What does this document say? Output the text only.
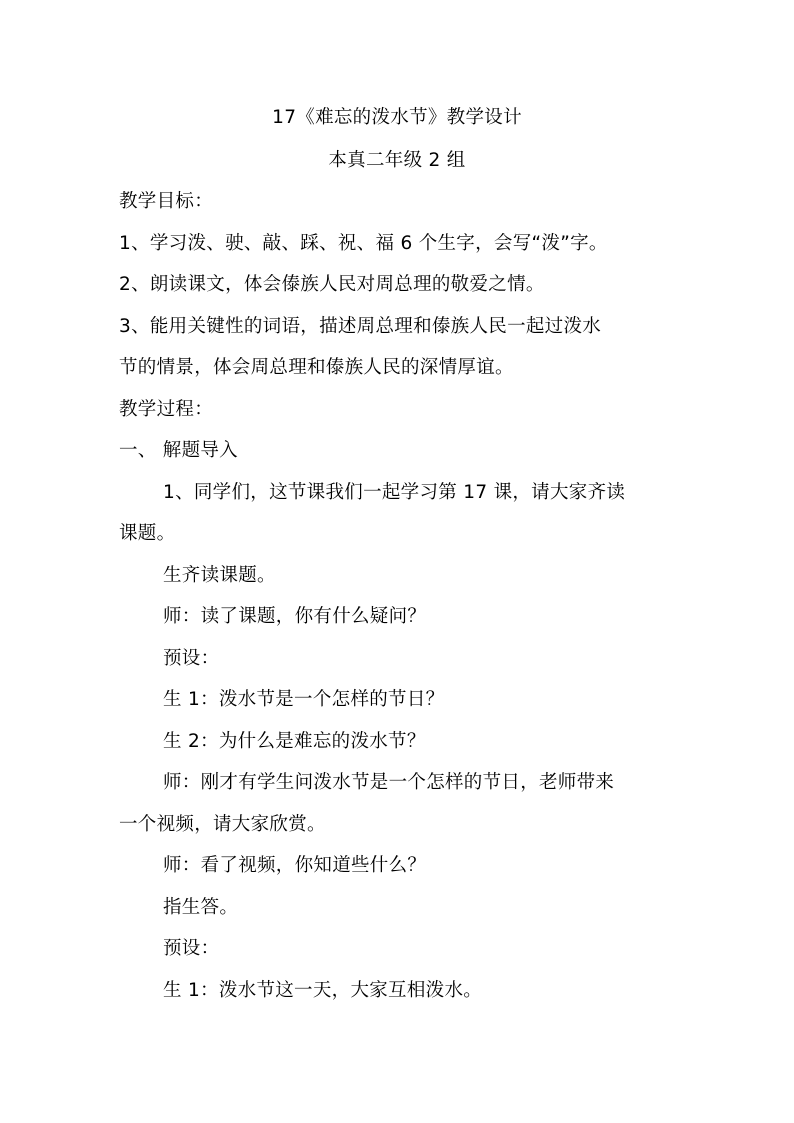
17《难忘的泼水节》教学设计
本真二年级 2 组
教学目标：
1、学习泼、驶、敲、踩、祝、福 6 个生字，会写“泼”字。
2、朗读课文，体会傣族人民对周总理的敬爱之情。
3、能用关键性的词语，描述周总理和傣族人民一起过泼水
节的情景，体会周总理和傣族人民的深情厚谊。
教学过程：
一、 解题导入
1、同学们，这节课我们一起学习第 17 课，请大家齐读
课题。
生齐读课题。
师：读了课题，你有什么疑问？
预设：
生 1：泼水节是一个怎样的节日？
生 2：为什么是难忘的泼水节？
师：刚才有学生问泼水节是一个怎样的节日，老师带来
一个视频，请大家欣赏。
师：看了视频，你知道些什么？
指生答。
预设：
生 1：泼水节这一天，大家互相泼水。
